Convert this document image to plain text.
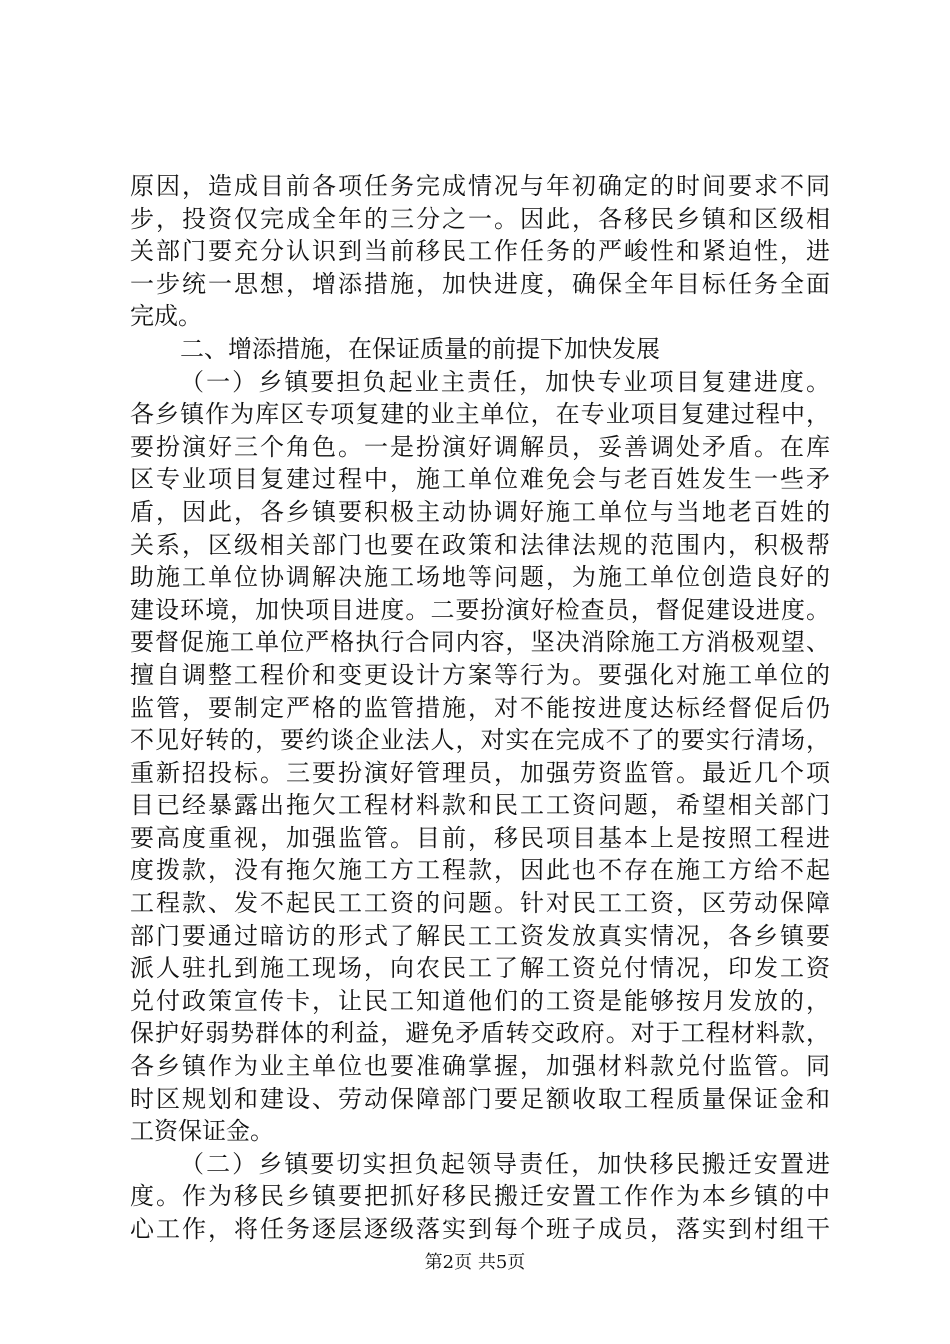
原因，造成目前各项任务完成情况与年初确定的时间要求不同
步，投资仅完成全年的三分之一。因此，各移民乡镇和区级相
关部门要充分认识到当前移民工作任务的严峻性和紧迫性，进
一步统一思想，增添措施，加快进度，确保全年目标任务全面
完成。
二、增添措施，在保证质量的前提下加快发展
（一）乡镇要担负起业主责任，加快专业项目复建进度。
各乡镇作为库区专项复建的业主单位，在专业项目复建过程中，
要扮演好三个角色。一是扮演好调解员，妥善调处矛盾。在库
区专业项目复建过程中，施工单位难免会与老百姓发生一些矛
盾，因此，各乡镇要积极主动协调好施工单位与当地老百姓的
关系，区级相关部门也要在政策和法律法规的范围内，积极帮
助施工单位协调解决施工场地等问题，为施工单位创造良好的
建设环境，加快项目进度。二要扮演好检查员，督促建设进度。
要督促施工单位严格执行合同内容，坚决消除施工方消极观望、
擅自调整工程价和变更设计方案等行为。要强化对施工单位的
监管，要制定严格的监管措施，对不能按进度达标经督促后仍
不见好转的，要约谈企业法人，对实在完成不了的要实行清场，
重新招投标。三要扮演好管理员，加强劳资监管。最近几个项
目已经暴露出拖欠工程材料款和民工工资问题，希望相关部门
要高度重视，加强监管。目前，移民项目基本上是按照工程进
度拨款，没有拖欠施工方工程款，因此也不存在施工方给不起
工程款、发不起民工工资的问题。针对民工工资，区劳动保障
部门要通过暗访的形式了解民工工资发放真实情况，各乡镇要
派人驻扎到施工现场，向农民工了解工资兑付情况，印发工资
兑付政策宣传卡，让民工知道他们的工资是能够按月发放的，
保护好弱势群体的利益，避免矛盾转交政府。对于工程材料款，
各乡镇作为业主单位也要准确掌握，加强材料款兑付监管。同
时区规划和建设、劳动保障部门要足额收取工程质量保证金和
工资保证金。
（二）乡镇要切实担负起领导责任，加快移民搬迁安置进
度。作为移民乡镇要把抓好移民搬迁安置工作作为本乡镇的中
心工作，将任务逐层逐级落实到每个班子成员，落实到村组干
第2页 共5页
